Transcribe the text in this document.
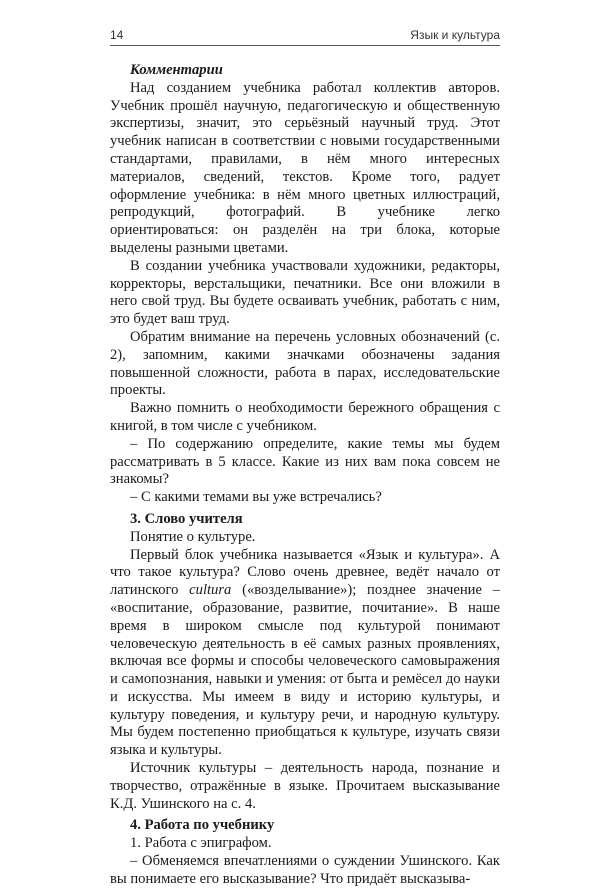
14	Язык и культура

Комментарии

Над созданием учебника работал коллектив авторов. Учебник прошёл научную, педагогическую и общественную экспертизы, значит, это серьёзный научный труд. Этот учебник написан в соответствии с новыми государственными стандартами, правилами, в нём много интересных материалов, сведений, текстов. Кроме того, радует оформление учебника: в нём много цветных иллюстраций, репродукций, фотографий. В учебнике легко ориентироваться: он разделён на три блока, которые выделены разными цветами.

В создании учебника участвовали художники, редакторы, корректоры, верстальщики, печатники. Все они вложили в него свой труд. Вы будете осваивать учебник, работать с ним, это будет ваш труд.

Обратим внимание на перечень условных обозначений (с. 2), запомним, какими значками обозначены задания повышенной сложности, работа в парах, исследовательские проекты.

Важно помнить о необходимости бережного обращения с книгой, в том числе с учебником.

– По содержанию определите, какие темы мы будем рассматривать в 5 классе. Какие из них вам пока совсем не знакомы?

– С какими темами вы уже встречались?

3. Слово учителя

Понятие о культуре.

Первый блок учебника называется «Язык и культура». А что такое культура? Слово очень древнее, ведёт начало от латинского cultura («возделывание»); позднее значение – «воспитание, образование, развитие, почитание». В наше время в широком смысле под культурой понимают человеческую деятельность в её самых разных проявлениях, включая все формы и способы человеческого самовыражения и самопознания, навыки и умения: от быта и ремёсел до науки и искусства. Мы имеем в виду и историю культуры, и культуру поведения, и культуру речи, и народную культуру. Мы будем постепенно приобщаться к культуре, изучать связи языка и культуры.

Источник культуры – деятельность народа, познание и творчество, отражённые в языке. Прочитаем высказывание К.Д. Ушинского на с. 4.

4. Работа по учебнику

1. Работа с эпиграфом.

– Обменяемся впечатлениями о суждении Ушинского. Как вы понимаете его высказывание? Что придаёт высказыва-
